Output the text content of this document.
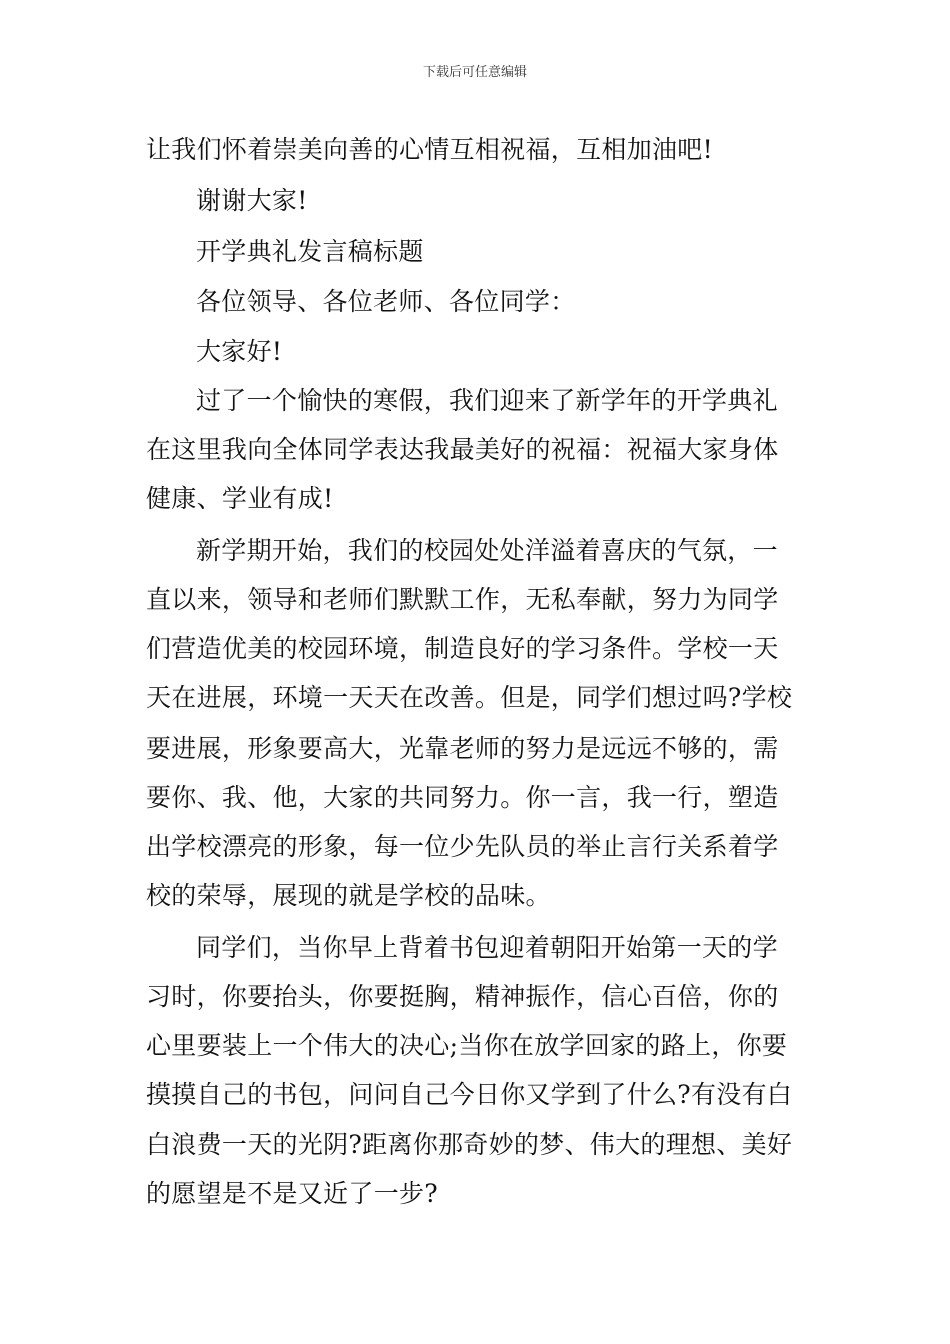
下载后可任意编辑
让我们怀着崇美向善的心情互相祝福，互相加油吧!
谢谢大家!
开学典礼发言稿标题
各位领导、各位老师、各位同学：
大家好!
过了一个愉快的寒假，我们迎来了新学年的开学典礼
在这里我向全体同学表达我最美好的祝福：祝福大家身体
健康、学业有成!
新学期开始，我们的校园处处洋溢着喜庆的气氛，一
直以来，领导和老师们默默工作，无私奉献，努力为同学
们营造优美的校园环境，制造良好的学习条件。学校一天
天在进展，环境一天天在改善。但是，同学们想过吗?学校
要进展，形象要高大，光靠老师的努力是远远不够的，需
要你、我、他，大家的共同努力。你一言，我一行，塑造
出学校漂亮的形象，每一位少先队员的举止言行关系着学
校的荣辱，展现的就是学校的品味。
同学们，当你早上背着书包迎着朝阳开始第一天的学
习时，你要抬头，你要挺胸，精神振作，信心百倍，你的
心里要装上一个伟大的决心;当你在放学回家的路上，你要
摸摸自己的书包，问问自己今日你又学到了什么?有没有白
白浪费一天的光阴?距离你那奇妙的梦、伟大的理想、美好
的愿望是不是又近了一步?
